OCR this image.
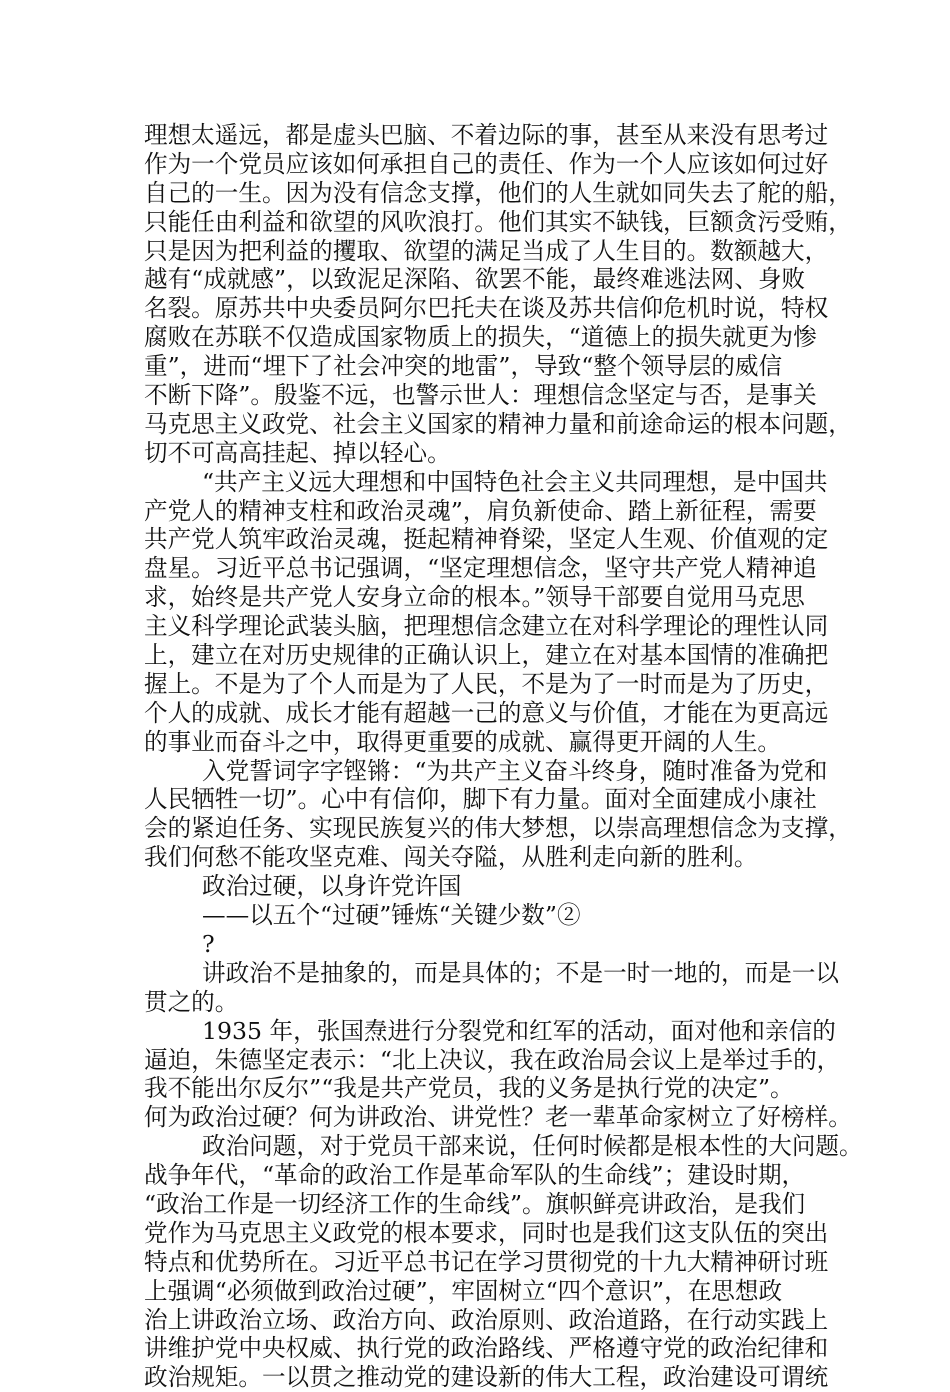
理想太遥远，都是虚头巴脑、不着边际的事，甚至从来没有思考过
作为一个党员应该如何承担自己的责任、作为一个人应该如何过好
自己的一生。因为没有信念支撑，他们的人生就如同失去了舵的船，
只能任由利益和欲望的风吹浪打。他们其实不缺钱，巨额贪污受贿，
只是因为把利益的攫取、欲望的满足当成了人生目的。数额越大，
越有“成就感”，以致泥足深陷、欲罢不能，最终难逃法网、身败
名裂。原苏共中央委员阿尔巴托夫在谈及苏共信仰危机时说，特权
腐败在苏联不仅造成国家物质上的损失，“道德上的损失就更为惨
重”，进而“埋下了社会冲突的地雷”，导致“整个领导层的威信
不断下降”。殷鉴不远，也警示世人：理想信念坚定与否，是事关
马克思主义政党、社会主义国家的精神力量和前途命运的根本问题，
切不可高高挂起、掉以轻心。
“共产主义远大理想和中国特色社会主义共同理想，是中国共
产党人的精神支柱和政治灵魂”，肩负新使命、踏上新征程，需要
共产党人筑牢政治灵魂，挺起精神脊梁，坚定人生观、价值观的定
盘星。习近平总书记强调，“坚定理想信念，坚守共产党人精神追
求，始终是共产党人安身立命的根本。”领导干部要自觉用马克思
主义科学理论武装头脑，把理想信念建立在对科学理论的理性认同
上，建立在对历史规律的正确认识上，建立在对基本国情的准确把
握上。不是为了个人而是为了人民，不是为了一时而是为了历史，
个人的成就、成长才能有超越一己的意义与价值，才能在为更高远
的事业而奋斗之中，取得更重要的成就、赢得更开阔的人生。
入党誓词字字铿锵：“为共产主义奋斗终身，随时准备为党和
人民牺牲一切”。心中有信仰，脚下有力量。面对全面建成小康社
会的紧迫任务、实现民族复兴的伟大梦想，以崇高理想信念为支撑，
我们何愁不能攻坚克难、闯关夺隘，从胜利走向新的胜利。
政治过硬，以身许党许国
——以五个“过硬”锤炼“关键少数”②
?
讲政治不是抽象的，而是具体的；不是一时一地的，而是一以
贯之的。
1935 年，张国焘进行分裂党和红军的活动，面对他和亲信的
逼迫，朱德坚定表示：“北上决议，我在政治局会议上是举过手的，
我不能出尔反尔”“我是共产党员，我的义务是执行党的决定”。
何为政治过硬？何为讲政治、讲党性？老一辈革命家树立了好榜样。
政治问题，对于党员干部来说，任何时候都是根本性的大问题。
战争年代，“革命的政治工作是革命军队的生命线”；建设时期，
“政治工作是一切经济工作的生命线”。旗帜鲜亮讲政治，是我们
党作为马克思主义政党的根本要求，同时也是我们这支队伍的突出
特点和优势所在。习近平总书记在学习贯彻党的十九大精神研讨班
上强调“必须做到政治过硬”，牢固树立“四个意识”，在思想政
治上讲政治立场、政治方向、政治原则、政治道路，在行动实践上
讲维护党中央权威、执行党的政治路线、严格遵守党的政治纪律和
政治规矩。一以贯之推动党的建设新的伟大工程，政治建设可谓统
